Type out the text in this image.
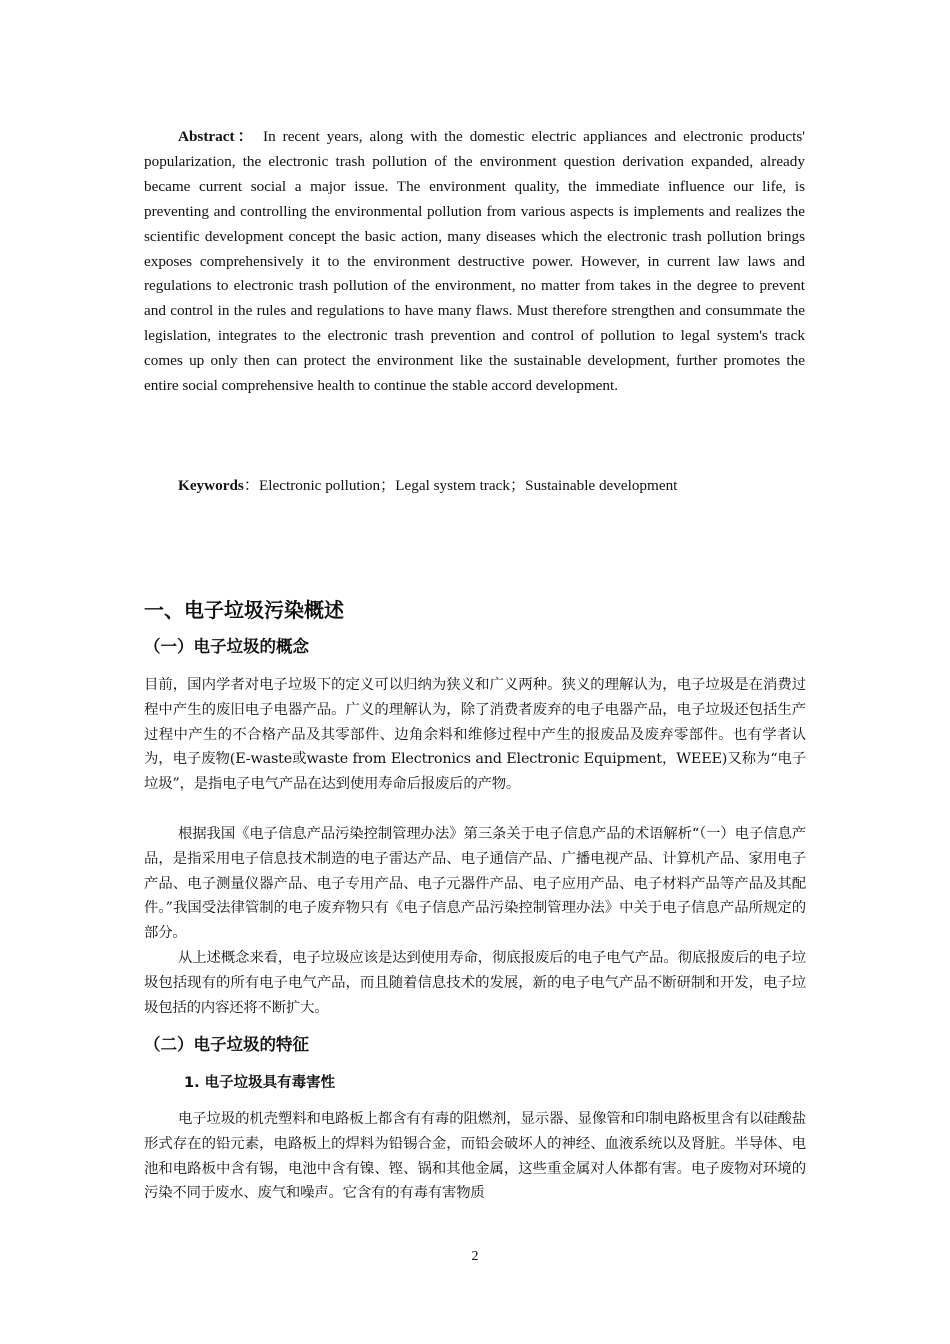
Abstract： In recent years, along with the domestic electric appliances and electronic products' popularization, the electronic trash pollution of the environment question derivation expanded, already became current social a major issue. The environment quality, the immediate influence our life, is preventing and controlling the environmental pollution from various aspects is implements and realizes the scientific development concept the basic action, many diseases which the electronic trash pollution brings exposes comprehensively it to the environment destructive power. However, in current law laws and regulations to electronic trash pollution of the environment, no matter from takes in the degree to prevent and control in the rules and regulations to have many flaws. Must therefore strengthen and consummate the legislation, integrates to the electronic trash prevention and control of pollution to legal system's track comes up only then can protect the environment like the sustainable development, further promotes the entire social comprehensive health to continue the stable accord development.

Keywords：Electronic pollution；Legal system track；Sustainable development

一、电子垃圾污染概述
（一）电子垃圾的概念

目前，国内学者对电子垃圾下的定义可以归纳为狭义和广义两种。狭义的理解认为，电子垃圾是在消费过程中产生的废旧电子电器产品。广义的理解认为，除了消费者废弃的电子电器产品，电子垃圾还包括生产过程中产生的不合格产品及其零部件、边角余料和维修过程中产生的报废品及废弃零部件。也有学者认为，电子废物(E-waste或waste from Electronics and Electronic Equipment，WEEE)又称为“电子垃圾”，是指电子电气产品在达到使用寿命后报废后的产物。

根据我国《电子信息产品污染控制管理办法》第三条关于电子信息产品的术语解析“（一）电子信息产品，是指采用电子信息技术制造的电子雷达产品、电子通信产品、广播电视产品、计算机产品、家用电子产品、电子测量仪器产品、电子专用产品、电子元器件产品、电子应用产品、电子材料产品等产品及其配件。”我国受法律管制的电子废弃物只有《电子信息产品污染控制管理办法》中关于电子信息产品所规定的部分。

从上述概念来看，电子垃圾应该是达到使用寿命，彻底报废后的电子电气产品。彻底报废后的电子垃圾包括现有的所有电子电气产品，而且随着信息技术的发展，新的电子电气产品不断研制和开发，电子垃圾包括的内容还将不断扩大。

（二）电子垃圾的特征
1. 电子垃圾具有毒害性

电子垃圾的机壳塑料和电路板上都含有有毒的阻燃剂，显示器、显像管和印制电路板里含有以硅酸盐形式存在的铅元素，电路板上的焊料为铅锡合金，而铅会破坏人的神经、血液系统以及肾脏。半导体、电池和电路板中含有锡，电池中含有镍、铿、锅和其他金属，这些重金属对人体都有害。电子废物对环境的污染不同于废水、废气和噪声。它含有的有毒有害物质

2
